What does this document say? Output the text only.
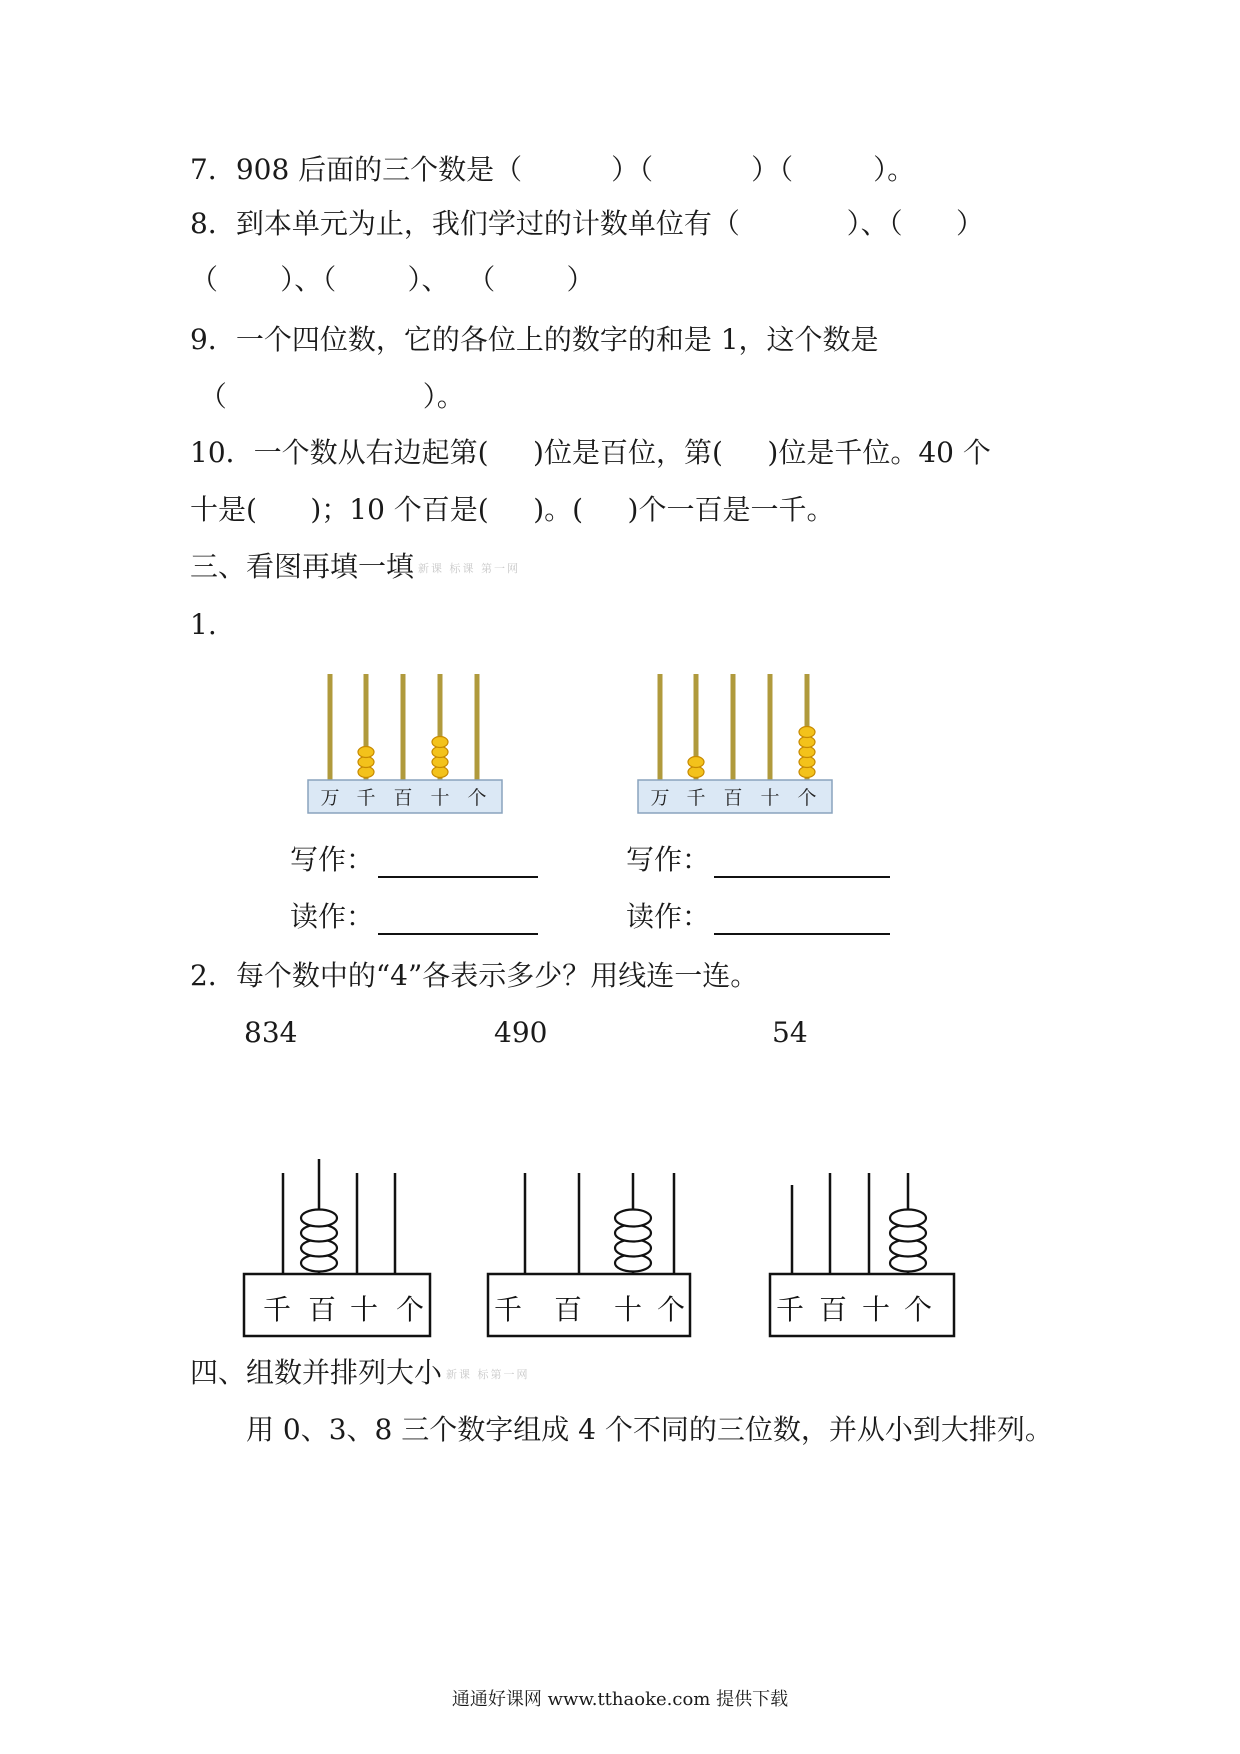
7．908 后面的三个数是（          ）（           ）（         ）。
8．到本单元为止，我们学过的计数单位有（            ）、（      ）
（       ）、（        ）、  （        ）
9．一个四位数，它的各位上的数字的和是 1，这个数是
（                      ）。
10．一个数从右边起第(     )位是百位，第(     )位是千位。40 个
十是(      )；10 个百是(     )。(     )个一百是一千。
三、看图再填一填 新课 标课 第一网
1.
万 千 百 十 个	万 千 百 十 个
写作：	写作：
读作：	读作：
2．每个数中的“4”各表示多少？用线连一连。
834	490	54
千 百 十 个 千 百 十 个	千 百 十 个
四、组数并排列大小 新课 标第一网
用 0、3、8 三个数字组成 4 个不同的三位数，并从小到大排列。
通通好课网 www.tthaoke.com 提供下载
